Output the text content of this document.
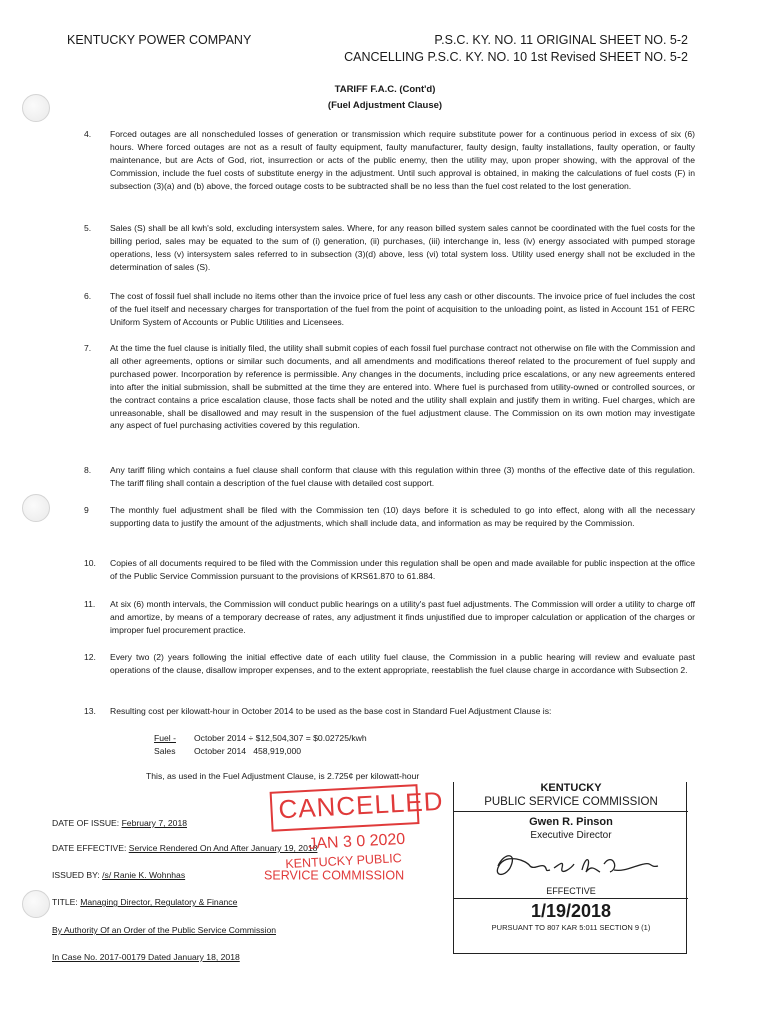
KENTUCKY POWER COMPANY	P.S.C. KY. NO. 11 ORIGINAL SHEET NO. 5-2
CANCELLING P.S.C. KY. NO. 10 1st Revised SHEET NO. 5-2
TARIFF F.A.C. (Cont'd)
(Fuel Adjustment Clause)
4. Forced outages are all nonscheduled losses of generation or transmission which require substitute power for a continuous period in excess of six (6) hours. Where forced outages are not as a result of faulty equipment, faulty manufacturer, faulty design, faulty installations, faulty operation, or faulty maintenance, but are Acts of God, riot, insurrection or acts of the public enemy, then the utility may, upon proper showing, with the approval of the Commission, include the fuel costs of substitute energy in the adjustment. Until such approval is obtained, in making the calculations of fuel costs (F) in subsection (3)(a) and (b) above, the forced outage costs to be subtracted shall be no less than the fuel cost related to the lost generation.
5. Sales (S) shall be all kwh's sold, excluding intersystem sales. Where, for any reason billed system sales cannot be coordinated with the fuel costs for the billing period, sales may be equated to the sum of (i) generation, (ii) purchases, (iii) interchange in, less (iv) energy associated with pumped storage operations, less (v) intersystem sales referred to in subsection (3)(d) above, less (vi) total system loss. Utility used energy shall not be excluded in the determination of sales (S).
6. The cost of fossil fuel shall include no items other than the invoice price of fuel less any cash or other discounts. The invoice price of fuel includes the cost of the fuel itself and necessary charges for transportation of the fuel from the point of acquisition to the unloading point, as listed in Account 151 of FERC Uniform System of Accounts or Public Utilities and Licensees.
7. At the time the fuel clause is initially filed, the utility shall submit copies of each fossil fuel purchase contract not otherwise on file with the Commission and all other agreements, options or similar such documents, and all amendments and modifications thereof related to the procurement of fuel supply and purchased power. Incorporation by reference is permissible. Any changes in the documents, including price escalations, or any new agreements entered into after the initial submission, shall be submitted at the time they are entered into. Where fuel is purchased from utility-owned or controlled sources, or the contract contains a price escalation clause, those facts shall be noted and the utility shall explain and justify them in writing. Fuel charges, which are unreasonable, shall be disallowed and may result in the suspension of the fuel adjustment clause. The Commission on its own motion may investigate any aspect of fuel purchasing activities covered by this regulation.
8. Any tariff filing which contains a fuel clause shall conform that clause with this regulation within three (3) months of the effective date of this regulation. The tariff filing shall contain a description of the fuel clause with detailed cost support.
9 The monthly fuel adjustment shall be filed with the Commission ten (10) days before it is scheduled to go into effect, along with all the necessary supporting data to justify the amount of the adjustments, which shall include data, and information as may be required by the Commission.
10. Copies of all documents required to be filed with the Commission under this regulation shall be open and made available for public inspection at the office of the Public Service Commission pursuant to the provisions of KRS61.870 to 61.884.
11. At six (6) month intervals, the Commission will conduct public hearings on a utility's past fuel adjustments. The Commission will order a utility to charge off and amortize, by means of a temporary decrease of rates, any adjustment it finds unjustified due to improper calculation or application of the charges or improper fuel procurement practice.
12. Every two (2) years following the initial effective date of each utility fuel clause, the Commission in a public hearing will review and evaluate past operations of the clause, disallow improper expenses, and to the extent appropriate, reestablish the fuel clause charge in accordance with Subsection 2.
13. Resulting cost per kilowatt-hour in October 2014 to be used as the base cost in Standard Fuel Adjustment Clause is:
Fuel - October 2014 ÷ $12,504,307 = $0.02725/kwh
Sales October 2014   458,919,000
This, as used in the Fuel Adjustment Clause, is 2.725¢ per kilowatt-hour
DATE OF ISSUE: February 7, 2018
DATE EFFECTIVE: Service Rendered On And After January 19, 2018
ISSUED BY: /s/ Ranie K. Wohnhas
TITLE: Managing Director, Regulatory & Finance
By Authority Of an Order of the Public Service Commission
In Case No. 2017-00179 Dated January 18, 2018
CANCELLED
JAN 3 0 2020
KENTUCKY PUBLIC
SERVICE COMMISSION
KENTUCKY
PUBLIC SERVICE COMMISSION
Gwen R. Pinson
Executive Director
EFFECTIVE
1/19/2018
PURSUANT TO 807 KAR 5:011 SECTION 9 (1)
